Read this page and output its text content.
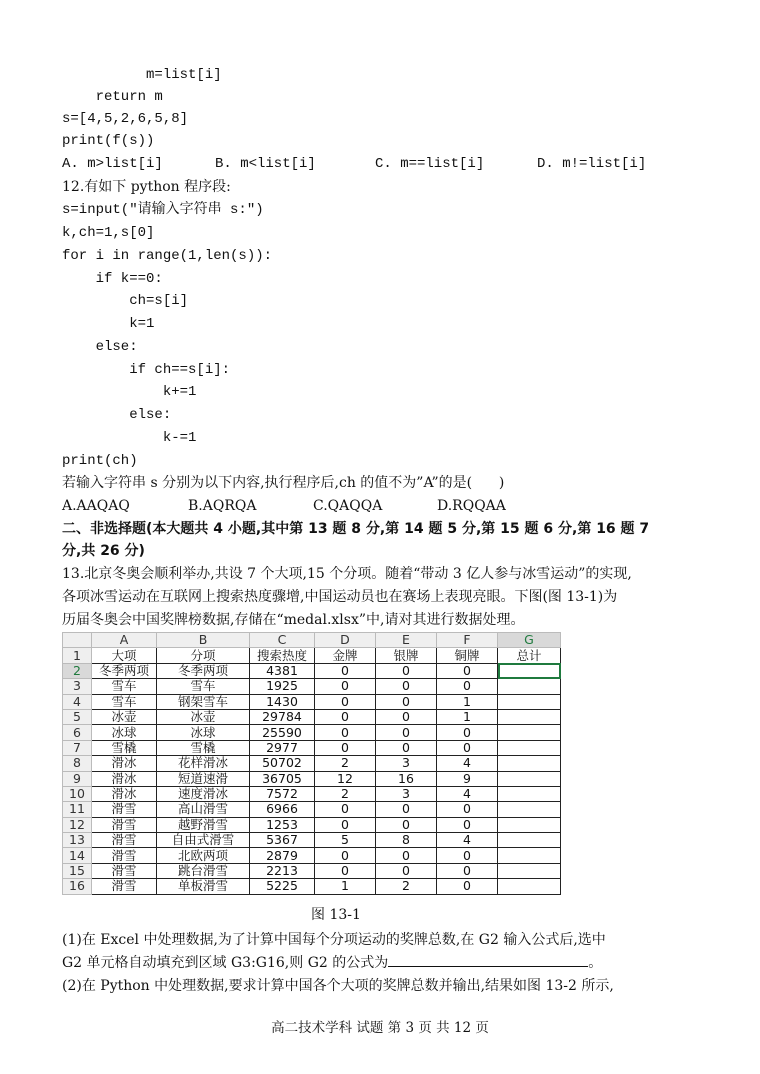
m=list[i]
return m
s=[4,5,2,6,5,8]
print(f(s))
A. m>list[i]	B. m<list[i]	C. m==list[i]	D. m!=list[i]
12.有如下 python 程序段:
s=input("请输入字符串 s:")
k,ch=1,s[0]
for i in range(1,len(s)):
if k==0:
ch=s[i]
k=1
else:
if ch==s[i]:
k+=1
else:
k-=1
print(ch)
若输入字符串 s 分别为以下内容,执行程序后,ch 的值不为”A”的是(      )
A.AAQAQ	B.AQRQA	C.QAQQA	D.RQQAA
二、非选择题(本大题共 4 小题,其中第 13 题 8 分,第 14 题 5 分,第 15 题 6 分,第 16 题 7
分,共 26 分)
13.北京冬奥会顺利举办,共设 7 个大项,15 个分项。随着“带动 3 亿人参与冰雪运动”的实现,
各项冰雪运动在互联网上搜索热度骤增,中国运动员也在赛场上表现亮眼。下图(图 13-1)为
历届冬奥会中国奖牌榜数据,存储在“medal.xlsx”中,请对其进行数据处理。
	A	B	C	D	E	F	G
1	大项	分项	搜索热度	金牌	银牌	铜牌	总计
2	冬季两项	冬季两项	4381	0	0	0	
3	雪车	雪车	1925	0	0	0	
4	雪车	钢架雪车	1430	0	0	1	
5	冰壶	冰壶	29784	0	0	1	
6	冰球	冰球	25590	0	0	0	
7	雪橇	雪橇	2977	0	0	0	
8	滑冰	花样滑冰	50702	2	3	4	
9	滑冰	短道速滑	36705	12	16	9	
10	滑冰	速度滑冰	7572	2	3	4	
11	滑雪	高山滑雪	6966	0	0	0	
12	滑雪	越野滑雪	1253	0	0	0	
13	滑雪	自由式滑雪	5367	5	8	4	
14	滑雪	北欧两项	2879	0	0	0	
15	滑雪	跳台滑雪	2213	0	0	0	
16	滑雪	单板滑雪	5225	1	2	0	
图 13-1
(1)在 Excel 中处理数据,为了计算中国每个分项运动的奖牌总数,在 G2 输入公式后,选中
G2 单元格自动填充到区域 G3:G16,则 G2 的公式为	。
(2)在 Python 中处理数据,要求计算中国各个大项的奖牌总数并输出,结果如图 13-2 所示,
高二技术学科 试题 第 3 页 共 12 页
